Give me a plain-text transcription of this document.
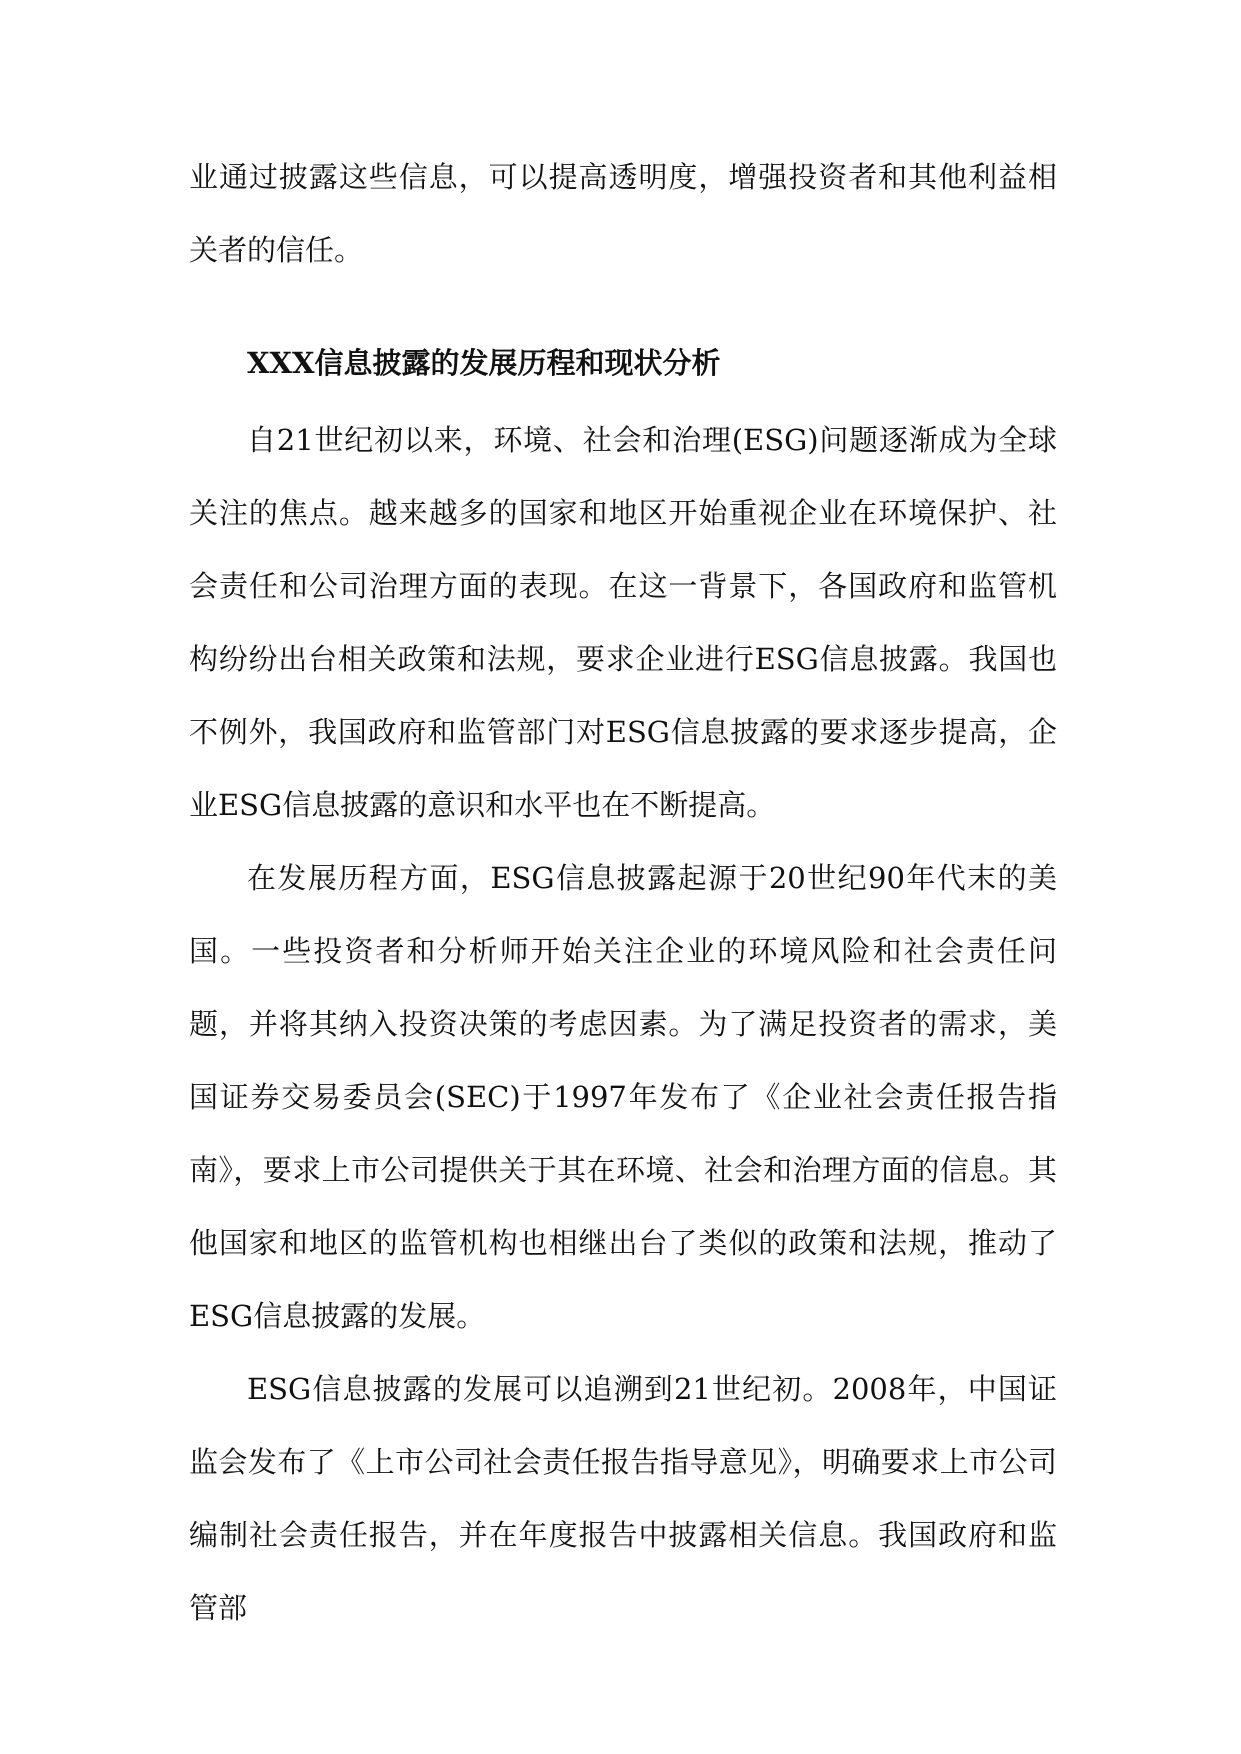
业通过披露这些信息，可以提高透明度，增强投资者和其他利益相关者的信任。

XXX信息披露的发展历程和现状分析

自21世纪初以来，环境、社会和治理(ESG)问题逐渐成为全球关注的焦点。越来越多的国家和地区开始重视企业在环境保护、社会责任和公司治理方面的表现。在这一背景下，各国政府和监管机构纷纷出台相关政策和法规，要求企业进行ESG信息披露。我国也不例外，我国政府和监管部门对ESG信息披露的要求逐步提高，企业ESG信息披露的意识和水平也在不断提高。

在发展历程方面，ESG信息披露起源于20世纪90年代末的美国。一些投资者和分析师开始关注企业的环境风险和社会责任问题，并将其纳入投资决策的考虑因素。为了满足投资者的需求，美国证券交易委员会(SEC)于1997年发布了《企业社会责任报告指南》，要求上市公司提供关于其在环境、社会和治理方面的信息。其他国家和地区的监管机构也相继出台了类似的政策和法规，推动了ESG信息披露的发展。

ESG信息披露的发展可以追溯到21世纪初。2008年，中国证监会发布了《上市公司社会责任报告指导意见》，明确要求上市公司编制社会责任报告，并在年度报告中披露相关信息。我国政府和监管部
